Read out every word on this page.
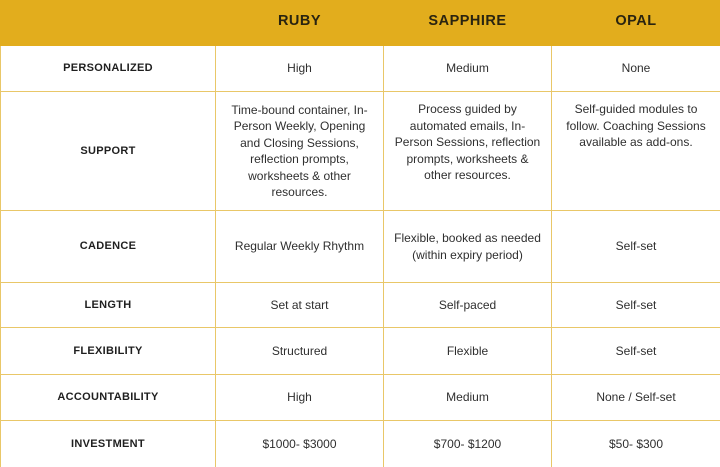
	RUBY	SAPPHIRE	OPAL
PERSONALIZED	High	Medium	None
SUPPORT	Time-bound container, In-Person Weekly, Opening and Closing Sessions, reflection prompts, worksheets & other resources.	Process guided by automated emails, In-Person Sessions, reflection prompts, worksheets & other resources.	Self-guided modules to follow. Coaching Sessions available as add-ons.
CADENCE	Regular Weekly Rhythm	Flexible, booked as needed (within expiry period)	Self-set
LENGTH	Set at start	Self-paced	Self-set
FLEXIBILITY	Structured	Flexible	Self-set
ACCOUNTABILITY	High	Medium	None / Self-set
INVESTMENT	$1000- $3000	$700- $1200	$50- $300
